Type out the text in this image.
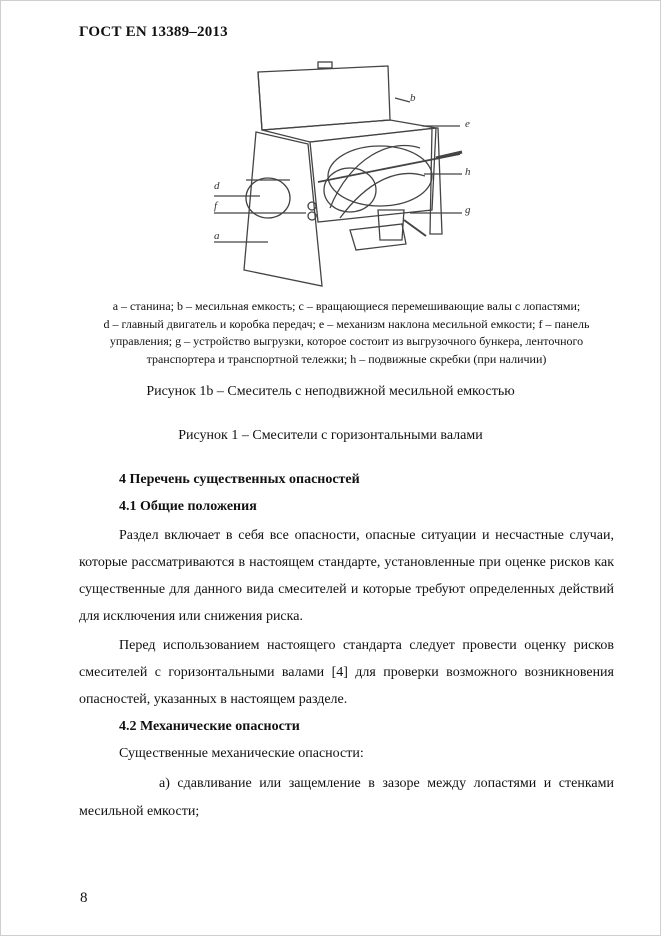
ГОСТ EN 13389–2013
b
e
h
g
d
f
a
a – станина; b – месильная емкость; c – вращающиеся перемешивающие валы с лопастями;
d – главный двигатель и коробка передач; e – механизм наклона месильной емкости; f – панель управления; g – устройство выгрузки, которое состоит из выгрузочного бункера, ленточного транспортера и транспортной тележки; h – подвижные скребки (при наличии)
Рисунок 1b – Смеситель с неподвижной месильной емкостью
Рисунок 1 – Смесители с горизонтальными валами
4 Перечень существенных опасностей
4.1 Общие положения
Раздел включает в себя все опасности, опасные ситуации и несчастные случаи, которые рассматриваются в настоящем стандарте, установленные при оценке рисков как существенные для данного вида смесителей и которые требуют определенных действий для исключения или снижения риска.
Перед использованием настоящего стандарта следует провести оценку рисков смесителей с горизонтальными валами [4] для проверки возможного возникновения опасностей, указанных в настоящем разделе.
4.2 Механические опасности
Существенные механические опасности:
а) сдавливание или защемление в зазоре между лопастями и стенками месильной емкости;
8
